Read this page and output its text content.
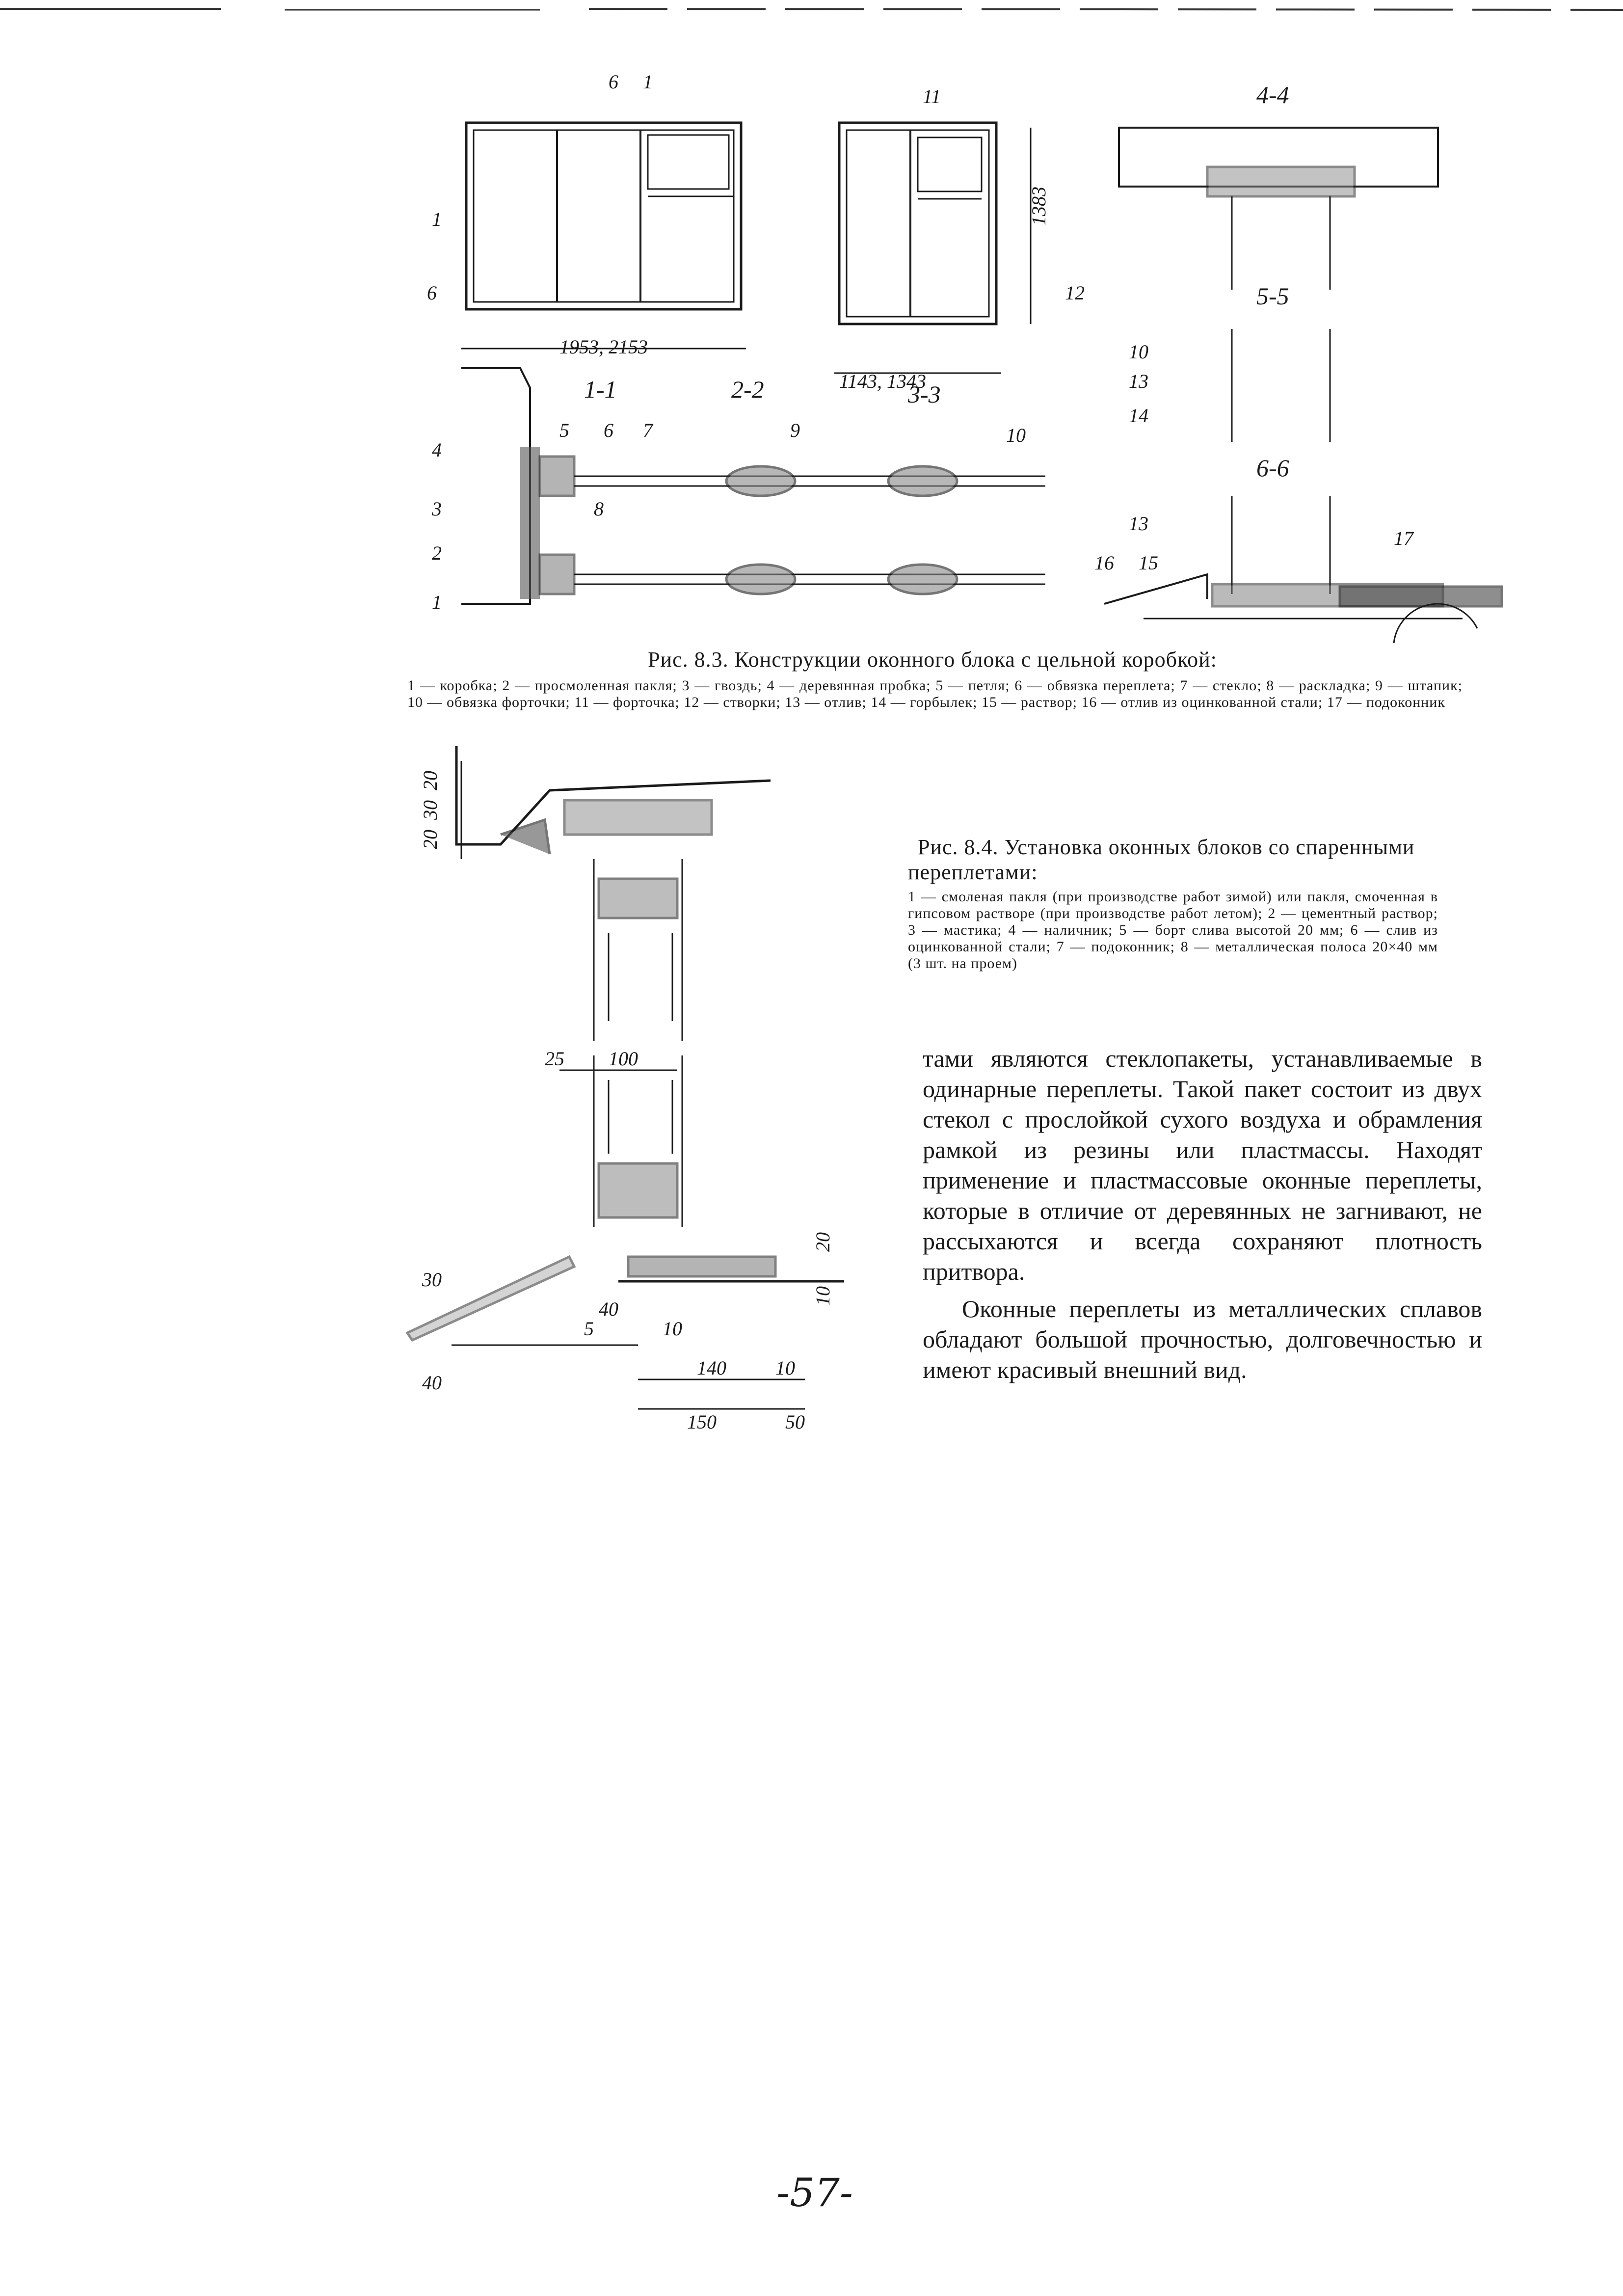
1953, 2153
1143, 1343
1383
1-1	2-2	3-3
4-4
5-5
6-6
6 1
1
6
11
12
4
3
2
1
5 6 7
8
9	10
10
13
14
13
16 15
17
Рис. 8.3. Конструкции оконного блока с цельной коробкой:
1 — коробка; 2 — просмоленная пакля; 3 — гвоздь; 4 — деревянная пробка; 5 — петля; 6 — обвязка переплета; 7 — стекло; 8 — раскладка; 9 — штапик; 10 — обвязка форточки; 11 — форточка; 12 — створки; 13 — отлив; 14 — горбылек; 15 — раствор; 16 — отлив из оцинкованной стали; 17 — подоконник
20
30
20
25 100
30
40
5
40
10
140	10
150	50
20
10
Рис. 8.4. Установка оконных блоков со спаренными переплетами:
1 — смоленая пакля (при производстве работ зимой) или пакля, смоченная в гипсовом растворе (при производстве работ летом); 2 — цементный раствор; 3 — мастика; 4 — наличник; 5 — борт слива высотой 20 мм; 6 — слив из оцинкованной стали; 7 — подоконник; 8 — металлическая полоса 20×40 мм (3 шт. на проем)

тами являются стеклопакеты, устанавливаемые в одинарные переплеты. Такой пакет состоит из двух стекол с прослойкой сухого воздуха и обрамления рамкой из резины или пластмассы. Находят применение и пластмассовые оконные переплеты, которые в отличие от деревянных не загнивают, не рассыхаются и всегда сохраняют плотность притвора.

Оконные переплеты из металлических сплавов обладают большой прочностью, долговечностью и имеют красивый внешний вид.

-57-
